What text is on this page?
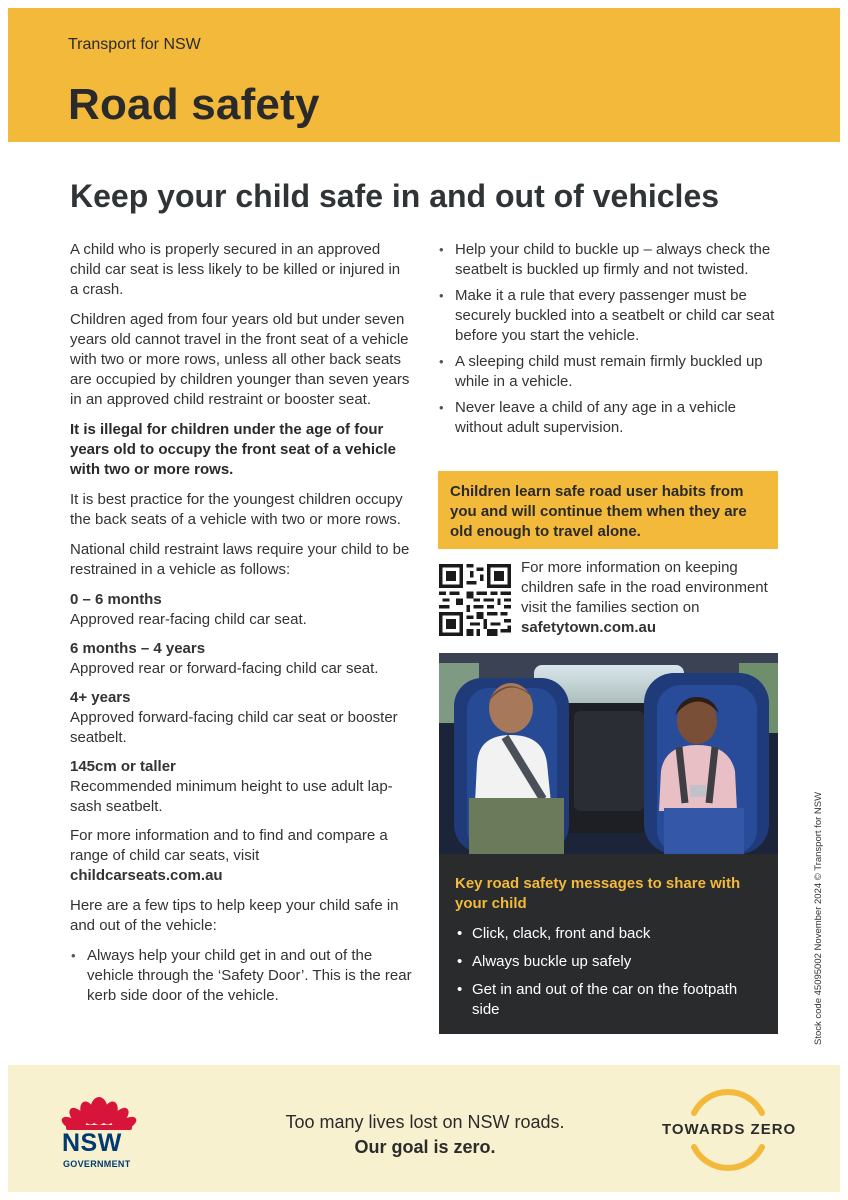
Transport for NSW
Road safety
Keep your child safe in and out of vehicles

A child who is properly secured in an approved child car seat is less likely to be killed or injured in a crash.

Children aged from four years old but under seven years old cannot travel in the front seat of a vehicle with two or more rows, unless all other back seats are occupied by children younger than seven years in an approved child restraint or booster seat.

It is illegal for children under the age of four years old to occupy the front seat of a vehicle with two or more rows.

It is best practice for the youngest children occupy the back seats of a vehicle with two or more rows.

National child restraint laws require your child to be restrained in a vehicle as follows:

0 – 6 months
Approved rear-facing child car seat.
6 months – 4 years
Approved rear or forward-facing child car seat.
4+ years
Approved forward-facing child car seat or booster seatbelt.
145cm or taller
Recommended minimum height to use adult lap-sash seatbelt.

For more information and to find and compare a range of child car seats, visit
childcarseats.com.au

Here are a few tips to help keep your child safe in and out of the vehicle:

• Always help your child get in and out of the vehicle through the ‘Safety Door’. This is the rear kerb side door of the vehicle.
• Help your child to buckle up – always check the seatbelt is buckled up firmly and not twisted.
• Make it a rule that every passenger must be securely buckled into a seatbelt or child car seat before you start the vehicle.
• A sleeping child must remain firmly buckled up while in a vehicle.
• Never leave a child of any age in a vehicle without adult supervision.
Children learn safe road user habits from you and will continue them when they are old enough to travel alone.
For more information on keeping children safe in the road environment visit the families section on safetytown.com.au
Key road safety messages to share with your child
• Click, clack, front and back
• Always buckle up safely
• Get in and out of the car on the footpath side	Stock code 45095002 November 2024 © Transport for NSW
NSW
GOVERNMENT
Too many lives lost on NSW roads.
Our goal is zero.
TOWARDS ZERO
